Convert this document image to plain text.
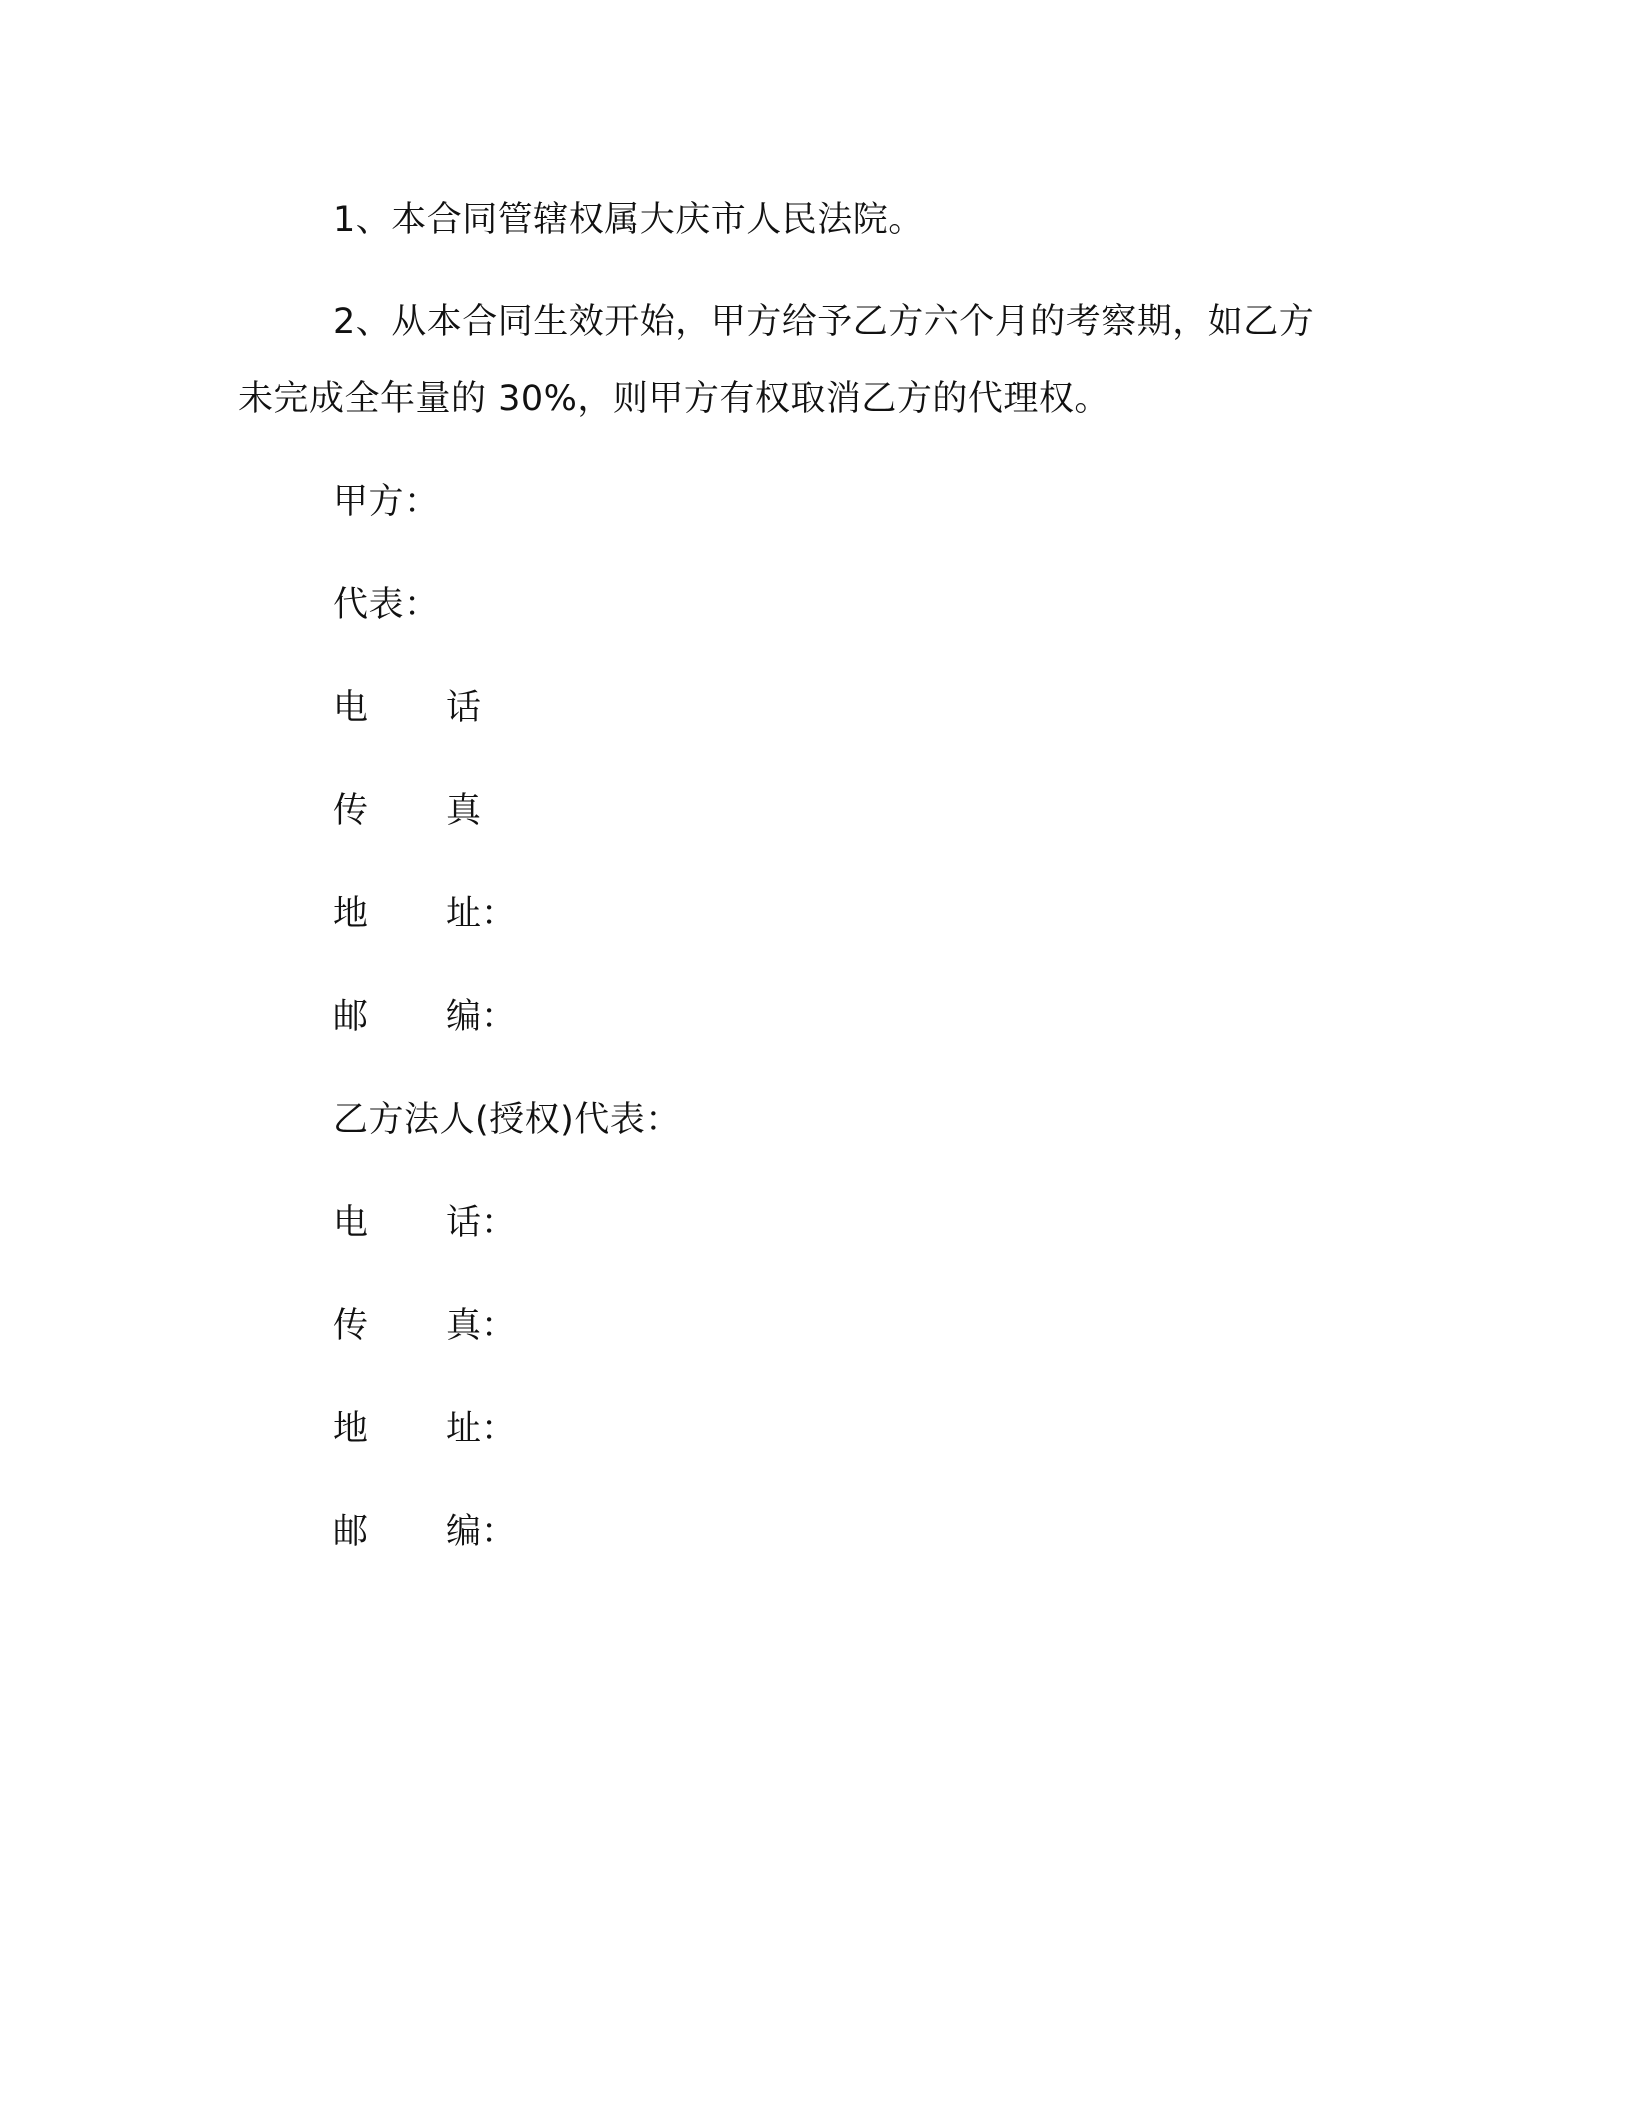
1、本合同管辖权属大庆市人民法院。
2、从本合同生效开始，甲方给予乙方六个月的考察期，如乙方
未完成全年量的 30%，则甲方有权取消乙方的代理权。
甲方：
代表：
电 话
传 真
地 址：
邮 编：
乙方法人(授权)代表：
电 话：
传 真：
地 址：
邮 编：
